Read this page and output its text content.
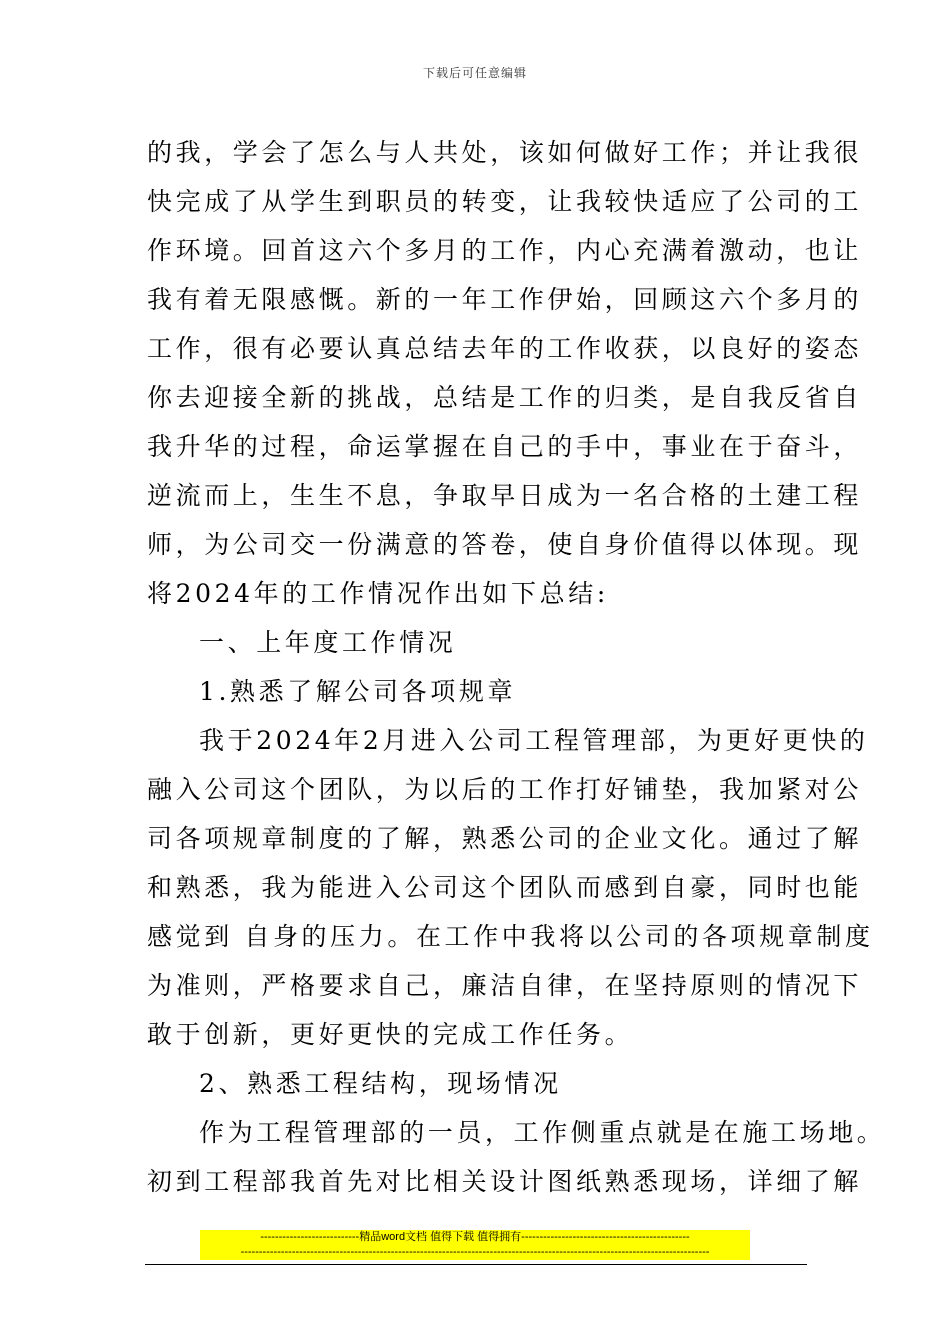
下载后可任意编辑
的我，学会了怎么与人共处，该如何做好工作；并让我很
快完成了从学生到职员的转变，让我较快适应了公司的工
作环境。回首这六个多月的工作，内心充满着激动，也让
我有着无限感慨。新的一年工作伊始，回顾这六个多月的
工作，很有必要认真总结去年的工作收获，以良好的姿态
你去迎接全新的挑战，总结是工作的归类，是自我反省自
我升华的过程，命运掌握在自己的手中，事业在于奋斗，
逆流而上，生生不息，争取早日成为一名合格的土建工程
师，为公司交一份满意的答卷，使自身价值得以体现。现
将2024年的工作情况作出如下总结:
一、上年度工作情况
1.熟悉了解公司各项规章
我于2024年2月进入公司工程管理部，为更好更快的
融入公司这个团队，为以后的工作打好铺垫，我加紧对公
司各项规章制度的了解，熟悉公司的企业文化。通过了解
和熟悉，我为能进入公司这个团队而感到自豪，同时也能
感觉到 自身的压力。在工作中我将以公司的各项规章制度
为准则，严格要求自己，廉洁自律，在坚持原则的情况下
敢于创新，更好更快的完成工作任务。
2、熟悉工程结构，现场情况
作为工程管理部的一员，工作侧重点就是在施工场地。
初到工程部我首先对比相关设计图纸熟悉现场，详细了解
---------------------------精品word文档 值得下载 值得拥有----------------------------------------------
--------------------------------------------------------------------------------------------------------------------------------
